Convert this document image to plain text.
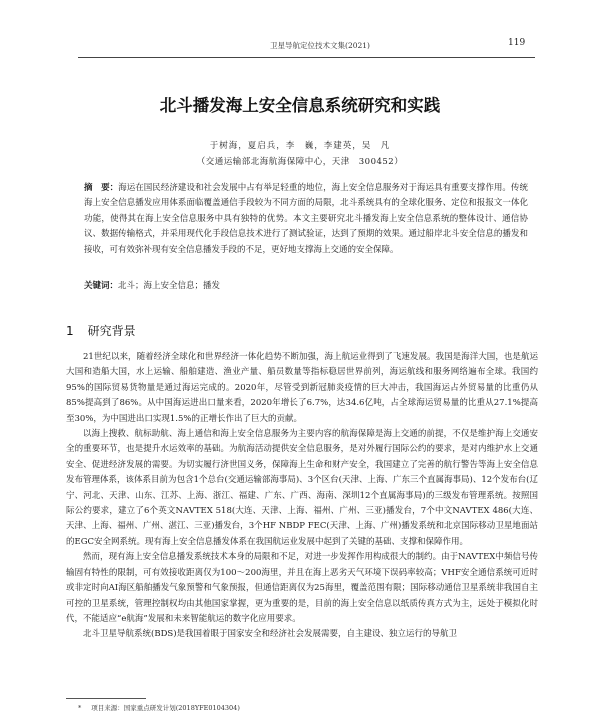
卫星导航定位技术文集(2021)	119
北斗播发海上安全信息系统研究和实践
于树海，夏启兵，李　巍，李建英，吴　凡
（交通运输部北海航海保障中心，天津　300452）
摘　要：海运在国民经济建设和社会发展中占有举足轻重的地位，海上安全信息服务对于海运具有重要支撑作用。传统海上安全信息播发应用体系面临覆盖通信手段较为不同方面的局限，北斗系统具有的全球化服务、定位和报报文一体化功能，使得其在海上安全信息服务中具有独特的优势。本文主要研究北斗播发海上安全信息系统的整体设计、通信协议、数据传输格式，并采用现代化手段信息技术进行了测试验证，达到了预期的效果。通过船岸北斗安全信息的播发和接收，可有效弥补现有安全信息播发手段的不足，更好地支撑海上交通的安全保障。
关键词：北斗；海上安全信息；播发
1 研究背景

21世纪以来，随着经济全球化和世界经济一体化趋势不断加强，海上航运业得到了飞速发展。我国是海洋大国，也是航运大国和造船大国，水上运输、船舶建造、渔业产量、船员数量等指标稳居世界前列，海运航线和服务网络遍布全球。我国约95%的国际贸易货物量是通过海运完成的。2020年，尽管受到新冠肺炎疫情的巨大冲击，我国海运占外贸易量的比重仍从85%提高到了86%。从中国海运进出口量来看，2020年增长了6.7%，达34.6亿吨，占全球海运贸易量的比重从27.1%提高至30%，为中国进出口实现1.5%的正增长作出了巨大的贡献。

以海上搜救、航标助航、海上通信和海上安全信息服务为主要内容的航海保障是海上交通的前提，不仅是维护海上交通安全的重要环节，也是提升水运效率的基础。为航海活动提供安全信息服务，是对外履行国际公约的要求，是对内维护水上交通安全、促进经济发展的需要。为切实履行济世国义务，保障海上生命和财产安全，我国建立了完善的航行警告等海上安全信息发布管理体系，该体系目前为包含1个总台(交通运输部海事局)、3个区台(天津、上海、广东三个直属海事局)、12个发布台(辽宁、河北、天津、山东、江苏、上海、浙江、福建、广东、广西、海南、深圳12个直属海事局)的三级发布管理系统。按照国际公约要求，建立了6个英文NAVTEX 518(大连、天津、上海、福州、广州、三亚)播发台，7个中文NAVTEX 486(大连、天津、上海、福州、广州、湛江、三亚)播发台，3个HF NBDP FEC(天津、上海、广州)播发系统和北京国际移动卫星地面站的EGC安全网系统。现有海上安全信息播发体系在我国航运业发展中起到了关键的基础、支撑和保障作用。

然而，现有海上安全信息播发系统技术本身的局限和不足，对进一步发挥作用构成很大的制约。由于NAVTEX中频信号传输固有特性的限制，可有效接收距离仅为100～200海里，并且在海上恶劣天气环境下误码率较高；VHF安全通信系统可近时或非定时向AI海区船舶播发气象预警和气象预报，但通信距离仅为25海里，覆盖范围有限；国际移动通信卫星系统非我国自主可控的卫星系统，管理控制权均由其他国家掌握，更为重要的是，目前的海上安全信息以纸质传真方式为主，远处于模拟化时代，不能适应“e航海”发展和未来智能航运的数字化应用要求。

北斗卫星导航系统(BDS)是我国着眼于国家安全和经济社会发展需要，自主建设、独立运行的导航卫

* 项目来源：国家重点研发计划(2018YFE0104304)
